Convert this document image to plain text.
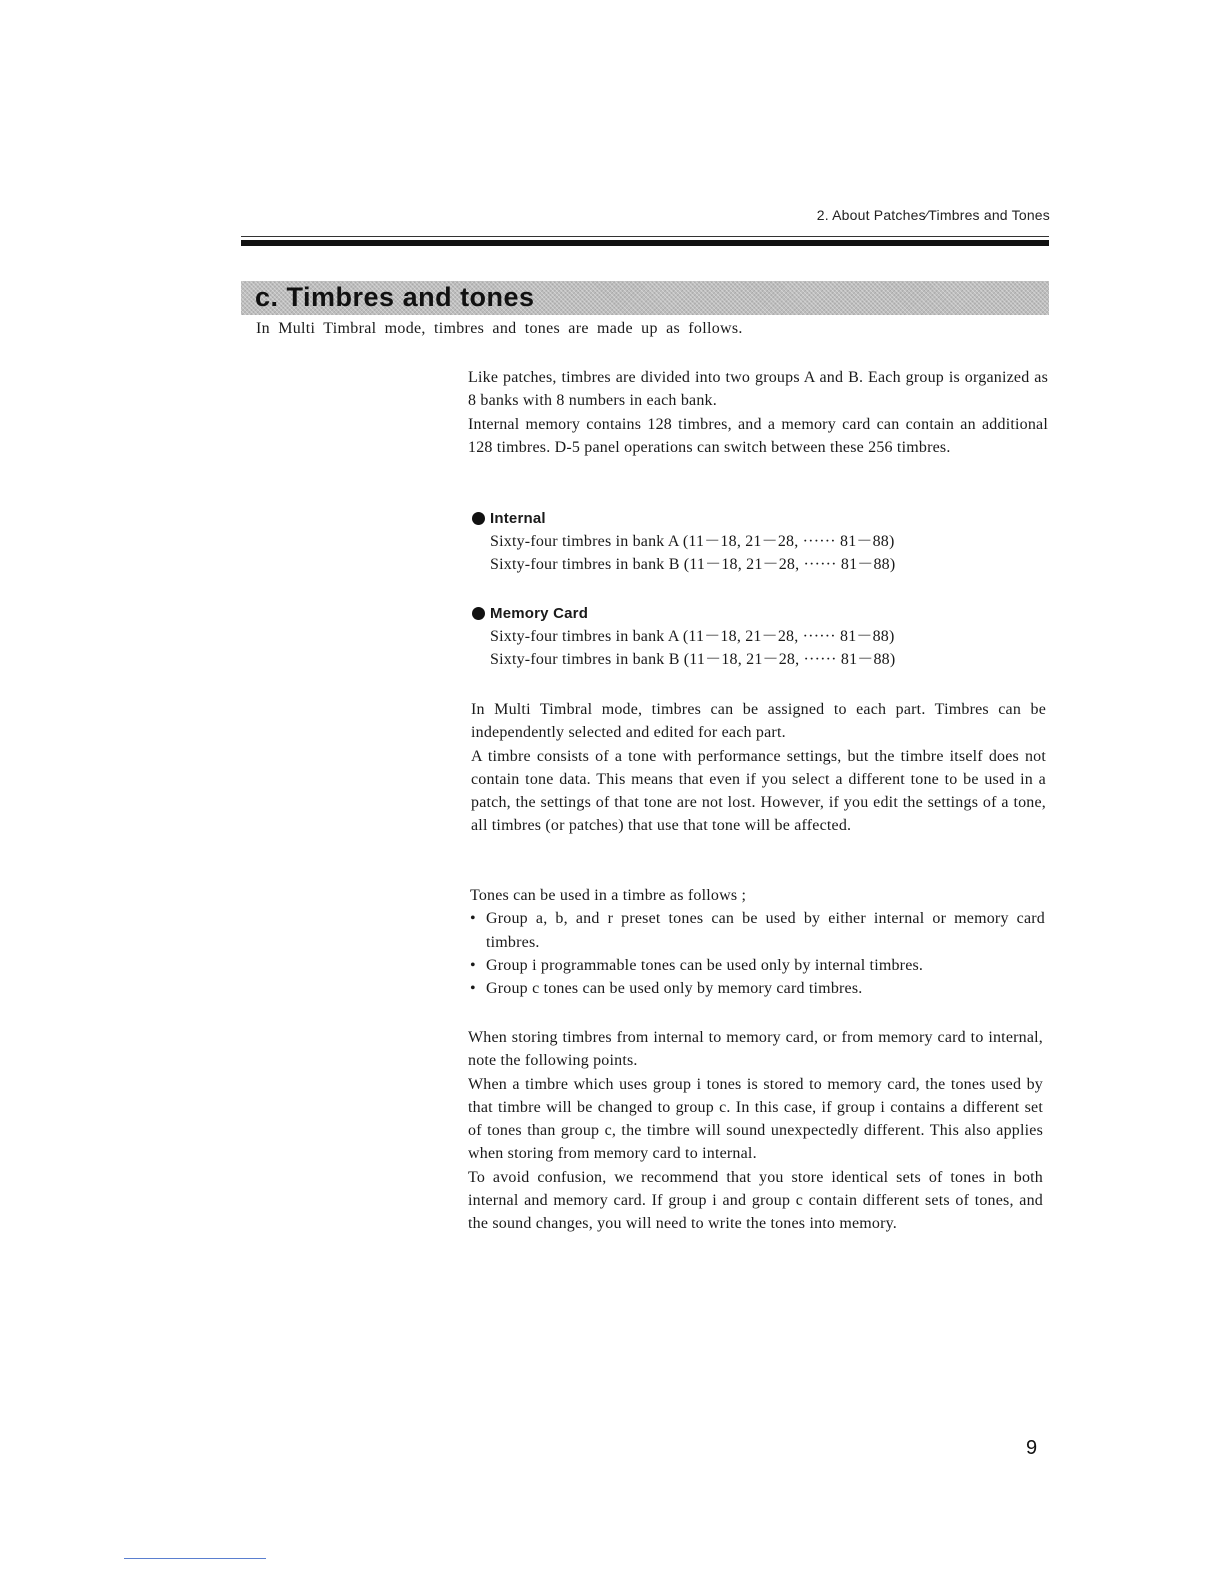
2. About Patches⁄Timbres and Tones
c. Timbres and tones
In Multi Timbral mode, timbres and tones are made up as follows.

Like patches, timbres are divided into two groups A and B. Each group is organized as 8 banks with 8 numbers in each bank.

Internal memory contains 128 timbres, and a memory card can contain an additional 128 timbres. D-5 panel operations can switch between these 256 timbres.

Internal
Sixty-four timbres in bank A (11－18, 21－28, ······ 81－88)
Sixty-four timbres in bank B (11－18, 21－28, ······ 81－88)
Memory Card
Sixty-four timbres in bank A (11－18, 21－28, ······ 81－88)
Sixty-four timbres in bank B (11－18, 21－28, ······ 81－88)

In Multi Timbral mode, timbres can be assigned to each part. Timbres can be independently selected and edited for each part.

A timbre consists of a tone with performance settings, but the timbre itself does not contain tone data. This means that even if you select a different tone to be used in a patch, the settings of that tone are not lost. However, if you edit the settings of a tone, all timbres (or patches) that use that tone will be affected.

Tones can be used in a timbre as follows ;

• Group a, b, and r preset tones can be used by either internal or memory card timbres.
• Group i programmable tones can be used only by internal timbres.
• Group c tones can be used only by memory card timbres.

When storing timbres from internal to memory card, or from memory card to internal, note the following points.

When a timbre which uses group i tones is stored to memory card, the tones used by that timbre will be changed to group c. In this case, if group i contains a different set of tones than group c, the timbre will sound unexpectedly different. This also applies when storing from memory card to internal.

To avoid confusion, we recommend that you store identical sets of tones in both internal and memory card. If group i and group c contain different sets of tones, and the sound changes, you will need to write the tones into memory.

9
